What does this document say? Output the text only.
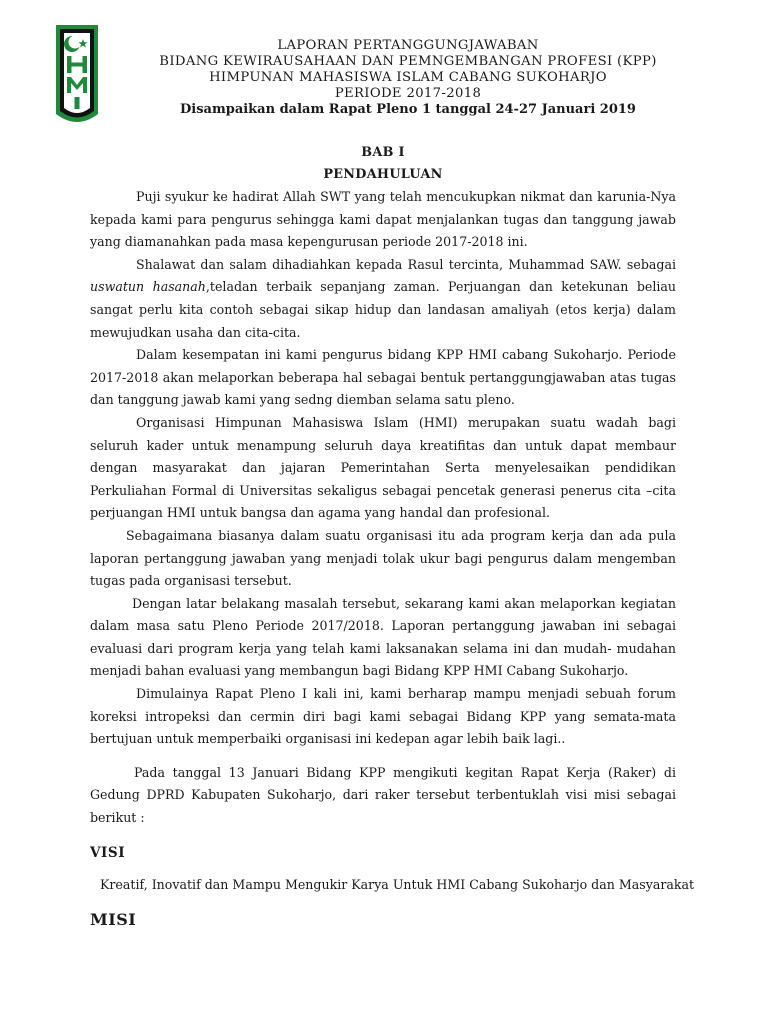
LAPORAN PERTANGGUNGJAWABAN
BIDANG KEWIRAUSAHAAN DAN PEMNGEMBANGAN PROFESI (KPP)
HIMPUNAN MAHASISWA ISLAM CABANG SUKOHARJO
PERIODE 2017-2018
Disampaikan dalam Rapat Pleno 1 tanggal 24-27 Januari 2019
BAB I
PENDAHULUAN

Puji syukur ke hadirat Allah SWT yang telah mencukupkan nikmat dan karunia-Nya kepada kami para pengurus sehingga kami dapat menjalankan tugas dan tanggung jawab yang diamanahkan pada masa kepengurusan periode 2017-2018 ini.

Shalawat dan salam dihadiahkan kepada Rasul tercinta, Muhammad SAW. sebagai uswatun hasanah,teladan terbaik sepanjang zaman. Perjuangan dan ketekunan beliau sangat perlu kita contoh sebagai sikap hidup dan landasan amaliyah (etos kerja) dalam mewujudkan usaha dan cita-cita.

Dalam kesempatan ini kami pengurus bidang KPP HMI cabang Sukoharjo. Periode 2017-2018 akan melaporkan beberapa hal sebagai bentuk pertanggungjawaban atas tugas dan tanggung jawab kami yang sedng diemban selama satu pleno.

Organisasi Himpunan Mahasiswa Islam (HMI) merupakan suatu wadah bagi seluruh kader untuk menampung seluruh daya kreatifitas dan untuk dapat membaur dengan masyarakat dan jajaran Pemerintahan Serta menyelesaikan pendidikan Perkuliahan Formal di Universitas sekaligus sebagai pencetak generasi penerus cita –cita perjuangan HMI untuk bangsa dan agama yang handal dan profesional.

Sebagaimana biasanya dalam suatu organisasi itu ada program kerja dan ada pula laporan pertanggung jawaban yang menjadi tolak ukur bagi pengurus dalam mengemban tugas pada organisasi tersebut.

Dengan latar belakang masalah tersebut, sekarang kami akan melaporkan kegiatan dalam masa satu Pleno Periode 2017/2018. Laporan pertanggung jawaban ini sebagai evaluasi dari program kerja yang telah kami laksanakan selama ini dan mudah- mudahan menjadi bahan evaluasi yang membangun bagi Bidang KPP HMI Cabang Sukoharjo.

Dimulainya Rapat Pleno I kali ini, kami berharap mampu menjadi sebuah forum koreksi intropeksi dan cermin diri bagi kami sebagai Bidang KPP yang semata-mata bertujuan untuk memperbaiki organisasi ini kedepan agar lebih baik lagi..

Pada tanggal 13 Januari Bidang KPP mengikuti kegitan Rapat Kerja (Raker) di Gedung DPRD Kabupaten Sukoharjo, dari raker tersebut terbentuklah visi misi sebagai berikut :

VISI
Kreatif, Inovatif dan Mampu Mengukir Karya Untuk HMI Cabang Sukoharjo dan Masyarakat
MISI
